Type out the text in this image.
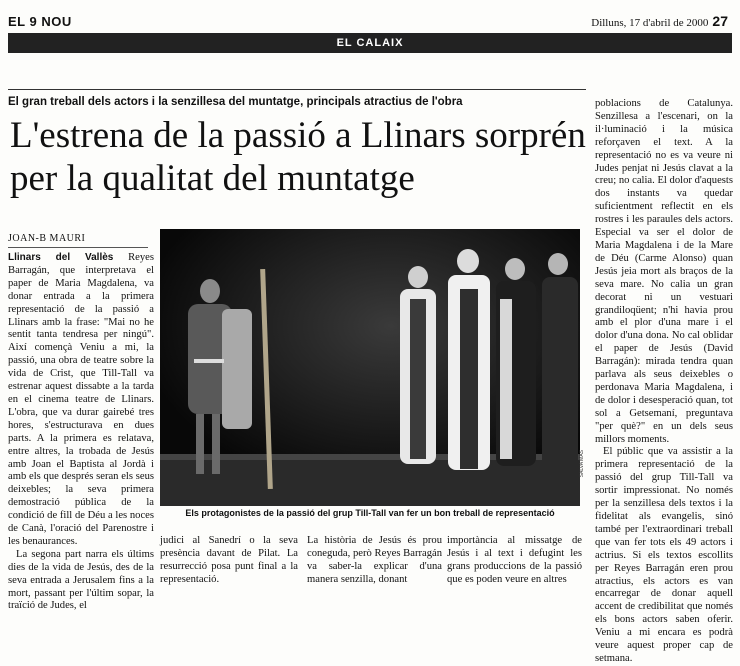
EL 9 NOU	Dilluns, 17 d'abril de 2000 27
EL CALAIX
El gran treball dels actors i la senzillesa del muntatge, principals atractius de l'obra
L'estrena de la passió a Llinars sorprén per la qualitat del muntatge
JOAN-B MAURI

Llinars del Vallès Reyes Barragán, que interpretava el paper de Maria Magdalena, va donar entrada a la primera representació de la passió a Llinars amb la frase: "Mai no he sentit tanta tendresa per ningú". Així començà Veniu a mi, la passió, una obra de teatre sobre la vida de Crist, que Till-Tall va estrenar aquest dissabte a la tarda en el cinema teatre de Llinars. L'obra, que va durar gairebé tres hores, s'estructurava en dues parts. A la primera es relatava, entre altres, la trobada de Jesús amb Joan el Baptista al Jordà i amb els que després seran els seus deixebles; la seva primera demostració pública de la condició de fill de Déu a les noces de Canà, l'oració del Parenostre i les benaurances.

La segona part narra els últims dies de la vida de Jesús, des de la seva entrada a Jerusalem fins a la mort, passant per l'últim sopar, la traïció de Judes, el

SALVA MAS
Els protagonistes de la passió del grup Till-Tall van fer un bon treball de representació
judici al Sanedrí o la seva presència davant de Pilat. La resurrecció posa punt final a la representació.
La història de Jesús és prou coneguda, però Reyes Barragán va saber-la explicar d'una manera senzilla, donant
importància al missatge de Jesús i al text i defugint les grans produccions de la passió que es poden veure en altres

poblacions de Catalunya. Senzillesa a l'escenari, on la il·luminació i la música reforçaven el text. A la representació no es va veure ni Judes penjat ni Jesús clavat a la creu; no calia. El dolor d'aquests dos instants va quedar suficientment reflectit en els rostres i les paraules dels actors. Especial va ser el dolor de Maria Magdalena i de la Mare de Déu (Carme Alonso) quan Jesús jeia mort als braços de la seva mare. No calia un gran decorat ni un vestuari grandiloqüent; n'hi havia prou amb el plor d'una mare i el dolor d'una dona. No cal oblidar el paper de Jesús (David Barragán): mirada tendra quan parlava als seus deixebles o perdonava Maria Magdalena, i de dolor i desesperació quan, tot sol a Getsemaní, preguntava "per què?" en un dels seus millors moments.

El públic que va assistir a la primera representació de la passió del grup Till-Tall va sortir impressionat. No només per la senzillesa dels textos i la fidelitat als evangelis, sinó també per l'extraordinari treball que van fer tots els 49 actors i actrius. Si els textos escollits per Reyes Barragán eren prou atractius, els actors es van encarregar de donar aquell accent de credibilitat que només els bons actors saben oferir. Veniu a mi encara es podrà veure aquest proper cap de setmana.
